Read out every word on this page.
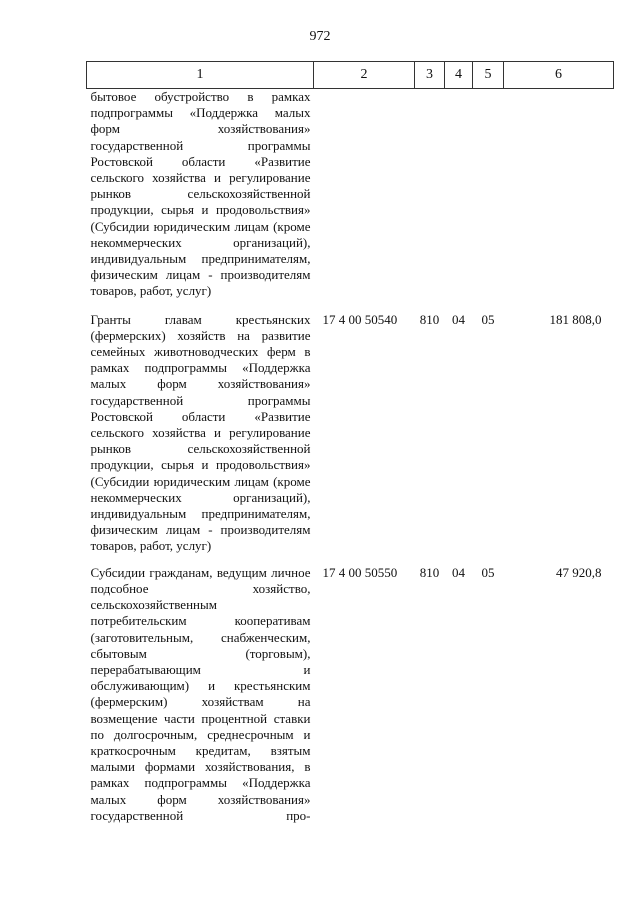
972
1	2	3	4	5	6
бытовое обустройство в рамках подпрограммы «Поддержка малых форм хозяйствования» государственной программы Ростовской области «Развитие сельского хозяйства и регулирование рынков сельскохозяйственной продукции, сырья и продовольствия» (Субсидии юридическим лицам (кроме некоммерческих организаций), индивидуальным предпринимателям, физическим лицам - производителям товаров, работ, услуг)					
Гранты главам крестьянских (фермерских) хозяйств на развитие семейных животноводческих ферм в рамках подпрограммы «Поддержка малых форм хозяйствования» государственной программы Ростовской области «Развитие сельского хозяйства и регулирование рынков сельскохозяйственной продукции, сырья и продовольствия» (Субсидии юридическим лицам (кроме некоммерческих организаций), индивидуальным предпринимателям, физическим лицам - производителям товаров, работ, услуг)	17 4 00 50540	810	04	05	181 808,0
Субсидии гражданам, ведущим личное подсобное хозяйство, сельскохозяйственным потребительским кооперативам (заготовительным, снабженческим, сбытовым (торговым), перерабатывающим и обслуживающим) и крестьянским (фермерским) хозяйствам на возмещение части процентной ставки по долгосрочным, среднесрочным и краткосрочным кредитам, взятым малыми формами хозяйствования, в рамках подпрограммы «Поддержка малых форм хозяйствования» государственной про-	17 4 00 50550	810	04	05	47 920,8
